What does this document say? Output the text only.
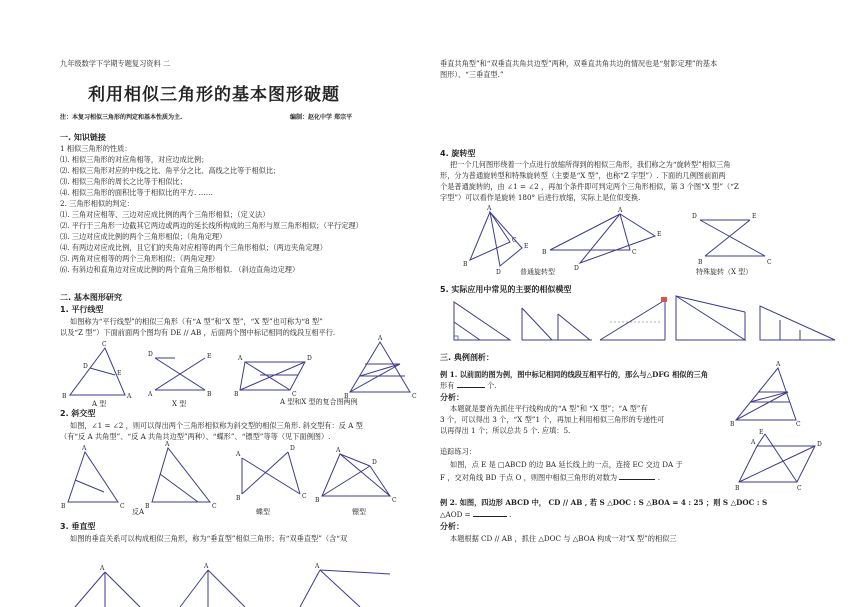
九年级数学下学期专题复习资料 二
利用相似三角形的基本图形破题
注：本复习相似三角形的判定和基本性质为主.	编制：赵化中学 郑宗平
一. 知识链接
1 相似三角形的性质：
⑴. 相似三角形的对应角相等，对应边成比例；
⑵. 相似三角形对应的中线之比、角平分之比、高线之比等于相似比；
⑶. 相似三角形的周长之比等于相似比；
⑷. 相似三角形的面积比等于相似比的平方. ……
2. 三角形相似的判定：
⑴. 三角对应相等、三边对应成比例的两个三角形相似；（定义法）
⑵. 平行于三角形一边截其它两边或两边的延长线所构成的三角形与原三角形相似；（平行定理）
⑶. 三边对应成比例的两个三角形相似；（角角定理）
⑷. 有两边对应成比例，且它们的夹角对应相等的两个三角形相似；（两边夹角定理）
⑸. 两角对应相等的两个三角形相似；（两角定理）
⑹. 有斜边和直角边对应成比例的两个直角三角形相似. （斜边直角边定理）
二. 基本图形研究
1. 平行线型
如图称为“平行线型”的相似三角形（有“A 型”和“X 型”，“X 型”也可称为“8 型”
以及“Z 型”）下面前面两个图均有 DE // AB ，后面两个图中标记相同的线段互相平行.
C
B	A
D
E
D
A
E
B
A	D
B	C
A
B	C
A 型	X 型	A 型和X 型的复合图两例
2. 斜交型
如图，∠1 = ∠2 ，则可以得出两个三角形相似称为斜交型的相似三角形. 斜交型有：反 A 型
（有“反 A 共角型”、“反 A 共角共边型”两种）、“蝶形”、“镖型”等等（见下面例图）.
A
B	C
A
B	C
A
B
D
C
A
D
B	C
反A	蝶型	镖型
3. 垂直型
如图的垂直关系可以构成相似三角形，称为“垂直型”相似三角形；有“双垂直型”（含“双
A	A	A
垂直共角型”和“双垂直共角共边型”两种，双垂直共角共边的情况也是“射影定理”的基本
图形）、“三垂直型.”
4. 旋转型
把一个几何图形绕着一个点进行放缩所得到的相似三角形，我们称之为“旋转型”相似三角
形，分为普通旋转型和特殊旋转型（主要是“X 型”，也称“Z 字型”）. 下面的几例图前面两
个是普通旋转的，由 ∠1 = ∠2 ，再加个条件即可判定两个三角形相似，第 3 个图“X 型”（“Z
字型”）可以看作是旋转 180° 后进行放缩，实际上是位似变换.
A
B
C
D
E
A
B	C
D
E
D	E
B	C
普通旋转型	特殊旋转（X 型）
5. 实际应用中常见的主要的相似模型
三. 典例剖析：
例 1. 以前面的图为例，图中标记相同的线段互相平行的，那么与△DFG 相似的三角
形有	个.
分析：
本题就是要首先抓住平行线构成的“A 型”和 “X 型”；“A 型”有
3 个，可以得出 3 个，“X 型”1 个，再加上利用相似三角形的专递性可
以再得出 1 个；所以总共 5 个. 应填：5.
A
B	C
追踪练习：
如图，点 E 是 □ABCD 的边 BA 延长线上的一点，连接 EC 交边 DA 于
F ，交对角线 BD 于点 O ，则图中相似三角形的对数为	.
E
B	C
D
A
例 2. 如图，四边形 ABCD 中， CD // AB , 若 S △DOC : S △BOA = 4 : 25 ；则 S △DOC : S
△AOD =	.
分析：
本题根据 CD // AB ，抓住 △DOC 与 △BOA 构成一对“X 型”的相似三
